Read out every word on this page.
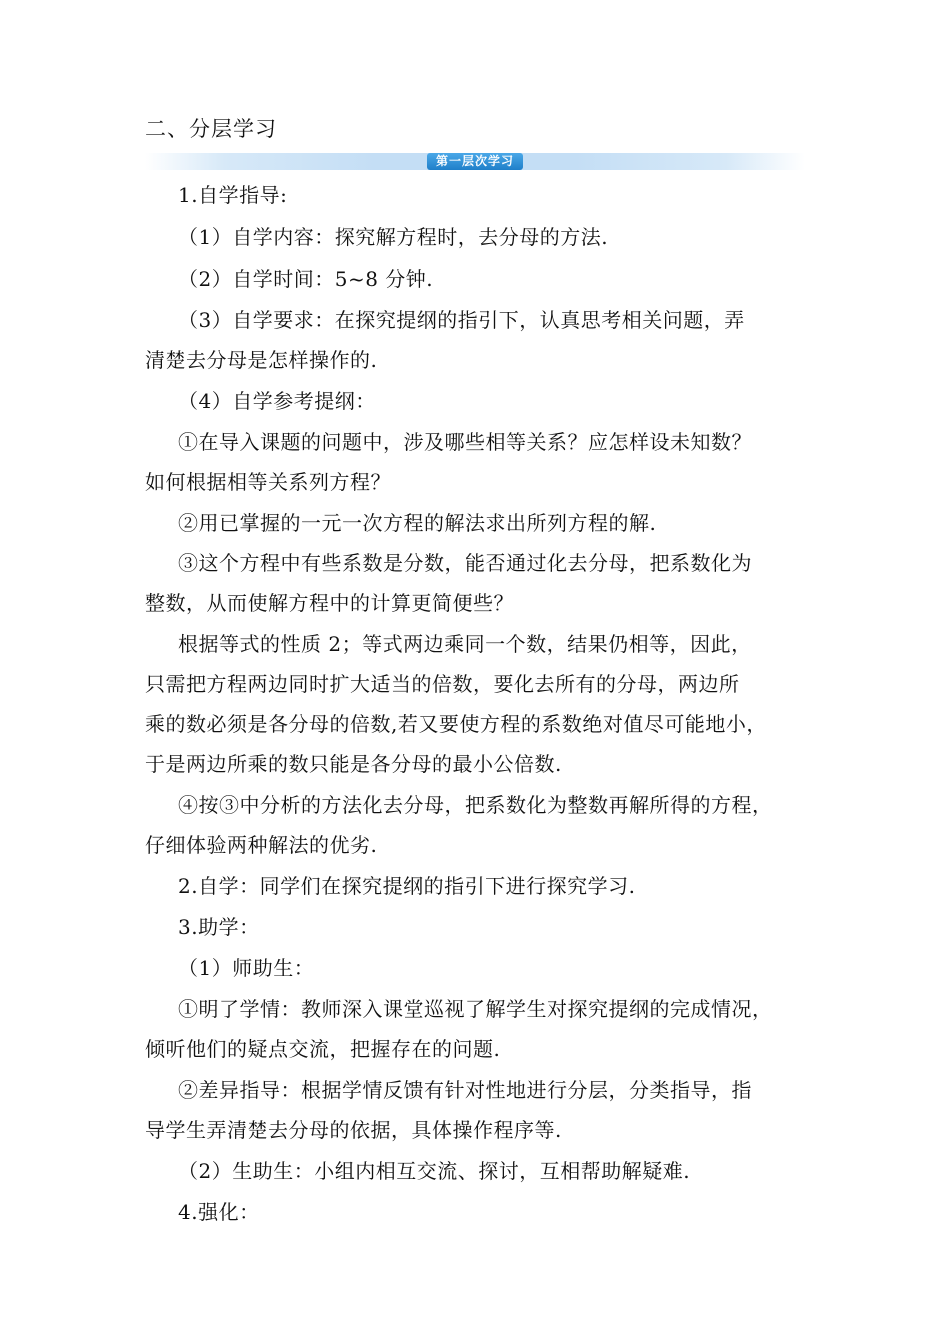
二、分层学习
第一层次学习
1.自学指导:
（1）自学内容：探究解方程时，去分母的方法.
（2）自学时间：5~8 分钟.
（3）自学要求：在探究提纲的指引下，认真思考相关问题，弄
清楚去分母是怎样操作的.
（4）自学参考提纲：
①在导入课题的问题中，涉及哪些相等关系？应怎样设未知数？
如何根据相等关系列方程？
②用已掌握的一元一次方程的解法求出所列方程的解.
③这个方程中有些系数是分数，能否通过化去分母，把系数化为
整数，从而使解方程中的计算更简便些？
根据等式的性质 2；等式两边乘同一个数，结果仍相等，因此，
只需把方程两边同时扩大适当的倍数，要化去所有的分母，两边所
乘的数必须是各分母的倍数,若又要使方程的系数绝对值尽可能地小，
于是两边所乘的数只能是各分母的最小公倍数.
④按③中分析的方法化去分母，把系数化为整数再解所得的方程，
仔细体验两种解法的优劣.
2.自学：同学们在探究提纲的指引下进行探究学习.
3.助学：
（1）师助生：
①明了学情：教师深入课堂巡视了解学生对探究提纲的完成情况，
倾听他们的疑点交流，把握存在的问题.
②差异指导：根据学情反馈有针对性地进行分层，分类指导，指
导学生弄清楚去分母的依据，具体操作程序等.
（2）生助生：小组内相互交流、探讨，互相帮助解疑难.
4.强化：
